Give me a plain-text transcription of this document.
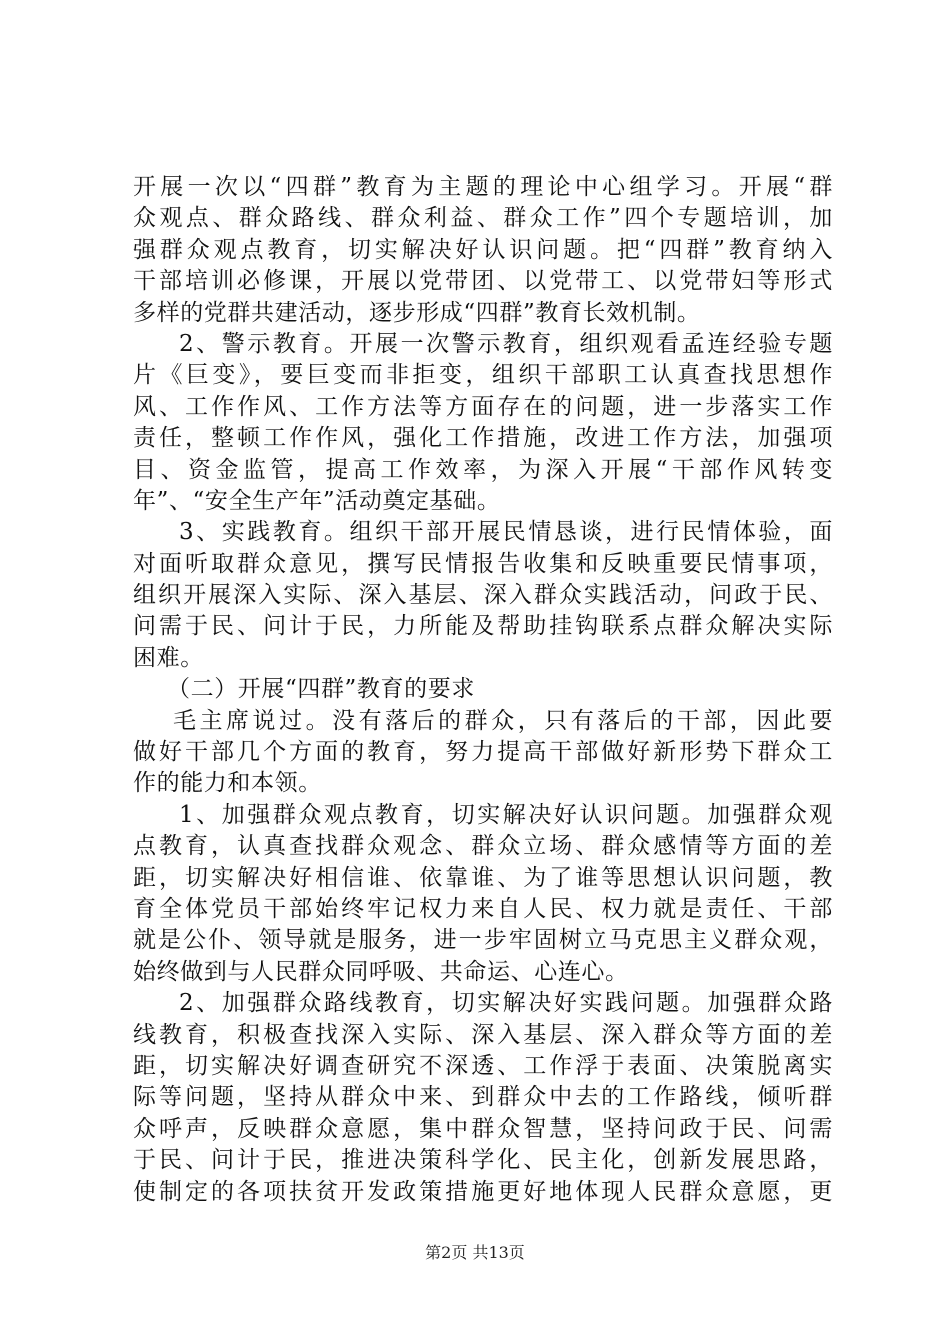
开展一次以“四群”教育为主题的理论中心组学习。开展“群
众观点、群众路线、群众利益、群众工作”四个专题培训，加
强群众观点教育，切实解决好认识问题。把“四群”教育纳入
干部培训必修课，开展以党带团、以党带工、以党带妇等形式
多样的党群共建活动，逐步形成“四群”教育长效机制。
2、警示教育。开展一次警示教育，组织观看孟连经验专题
片《巨变》，要巨变而非拒变，组织干部职工认真查找思想作
风、工作作风、工作方法等方面存在的问题，进一步落实工作
责任，整顿工作作风，强化工作措施，改进工作方法，加强项
目、资金监管，提高工作效率，为深入开展“干部作风转变
年”、“安全生产年”活动奠定基础。
3、实践教育。组织干部开展民情恳谈，进行民情体验，面
对面听取群众意见，撰写民情报告收集和反映重要民情事项，
组织开展深入实际、深入基层、深入群众实践活动，问政于民、
问需于民、问计于民，力所能及帮助挂钩联系点群众解决实际
困难。
（二）开展“四群”教育的要求
毛主席说过。没有落后的群众，只有落后的干部，因此要
做好干部几个方面的教育，努力提高干部做好新形势下群众工
作的能力和本领。
1、加强群众观点教育，切实解决好认识问题。加强群众观
点教育，认真查找群众观念、群众立场、群众感情等方面的差
距，切实解决好相信谁、依靠谁、为了谁等思想认识问题，教
育全体党员干部始终牢记权力来自人民、权力就是责任、干部
就是公仆、领导就是服务，进一步牢固树立马克思主义群众观，
始终做到与人民群众同呼吸、共命运、心连心。
2、加强群众路线教育，切实解决好实践问题。加强群众路
线教育，积极查找深入实际、深入基层、深入群众等方面的差
距，切实解决好调查研究不深透、工作浮于表面、决策脱离实
际等问题，坚持从群众中来、到群众中去的工作路线，倾听群
众呼声，反映群众意愿，集中群众智慧，坚持问政于民、问需
于民、问计于民，推进决策科学化、民主化，创新发展思路，
使制定的各项扶贫开发政策措施更好地体现人民群众意愿，更
第2页 共13页
